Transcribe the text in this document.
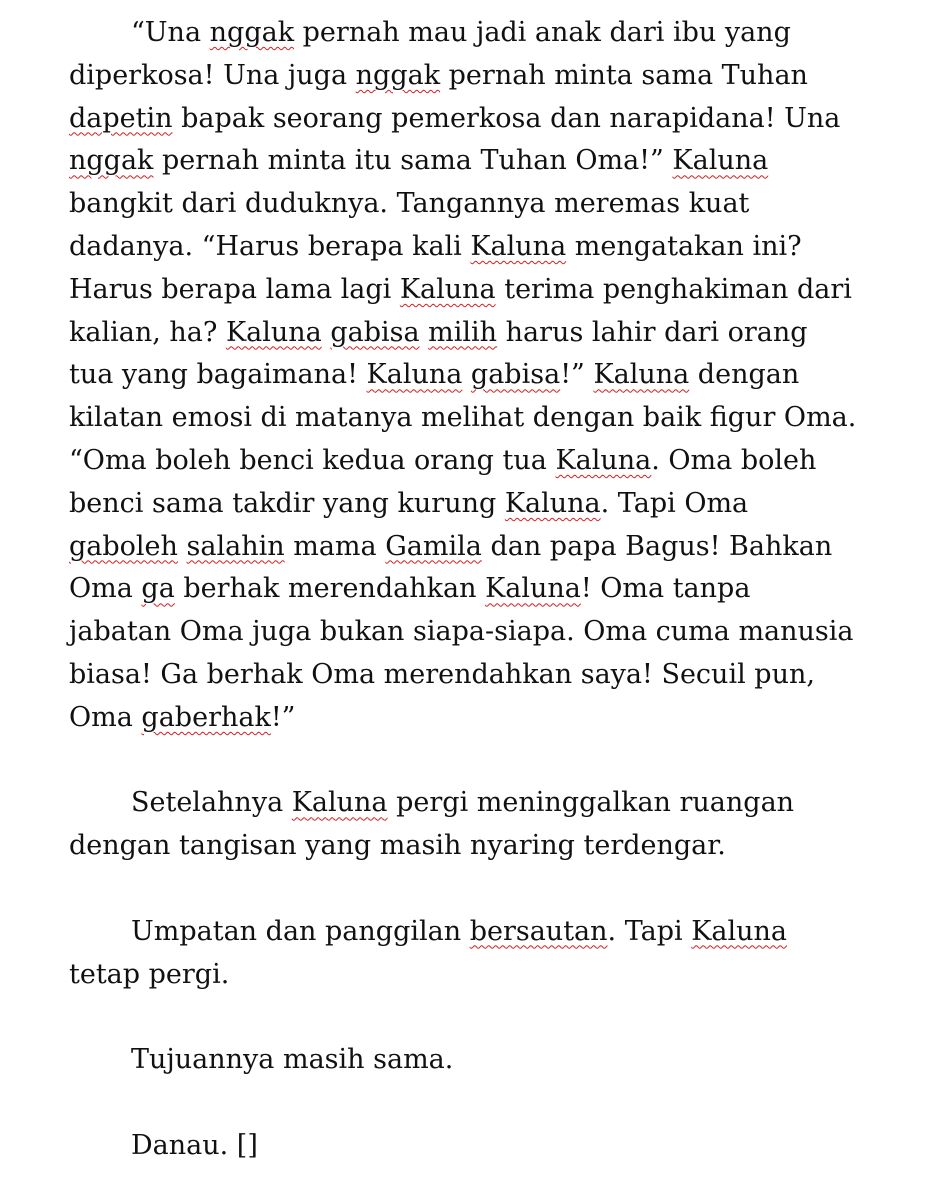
“Una nggak pernah mau jadi anak dari ibu yang diperkosa! Una juga nggak pernah minta sama Tuhan dapetin bapak seorang pemerkosa dan narapidana! Una nggak pernah minta itu sama Tuhan Oma!” Kaluna bangkit dari duduknya. Tangannya meremas kuat dadanya. “Harus berapa kali Kaluna mengatakan ini? Harus berapa lama lagi Kaluna terima penghakiman dari kalian, ha? Kaluna gabisa milih harus lahir dari orang tua yang bagaimana! Kaluna gabisa!” Kaluna dengan kilatan emosi di matanya melihat dengan baik figur Oma. “Oma boleh benci kedua orang tua Kaluna. Oma boleh benci sama takdir yang kurung Kaluna. Tapi Oma gaboleh salahin mama Gamila dan papa Bagus! Bahkan Oma ga berhak merendahkan Kaluna! Oma tanpa jabatan Oma juga bukan siapa-siapa. Oma cuma manusia biasa! Ga berhak Oma merendahkan saya! Secuil pun, Oma gaberhak!”

Setelahnya Kaluna pergi meninggalkan ruangan dengan tangisan yang masih nyaring terdengar.

Umpatan dan panggilan bersautan. Tapi Kaluna tetap pergi.

Tujuannya masih sama.

Danau. []
